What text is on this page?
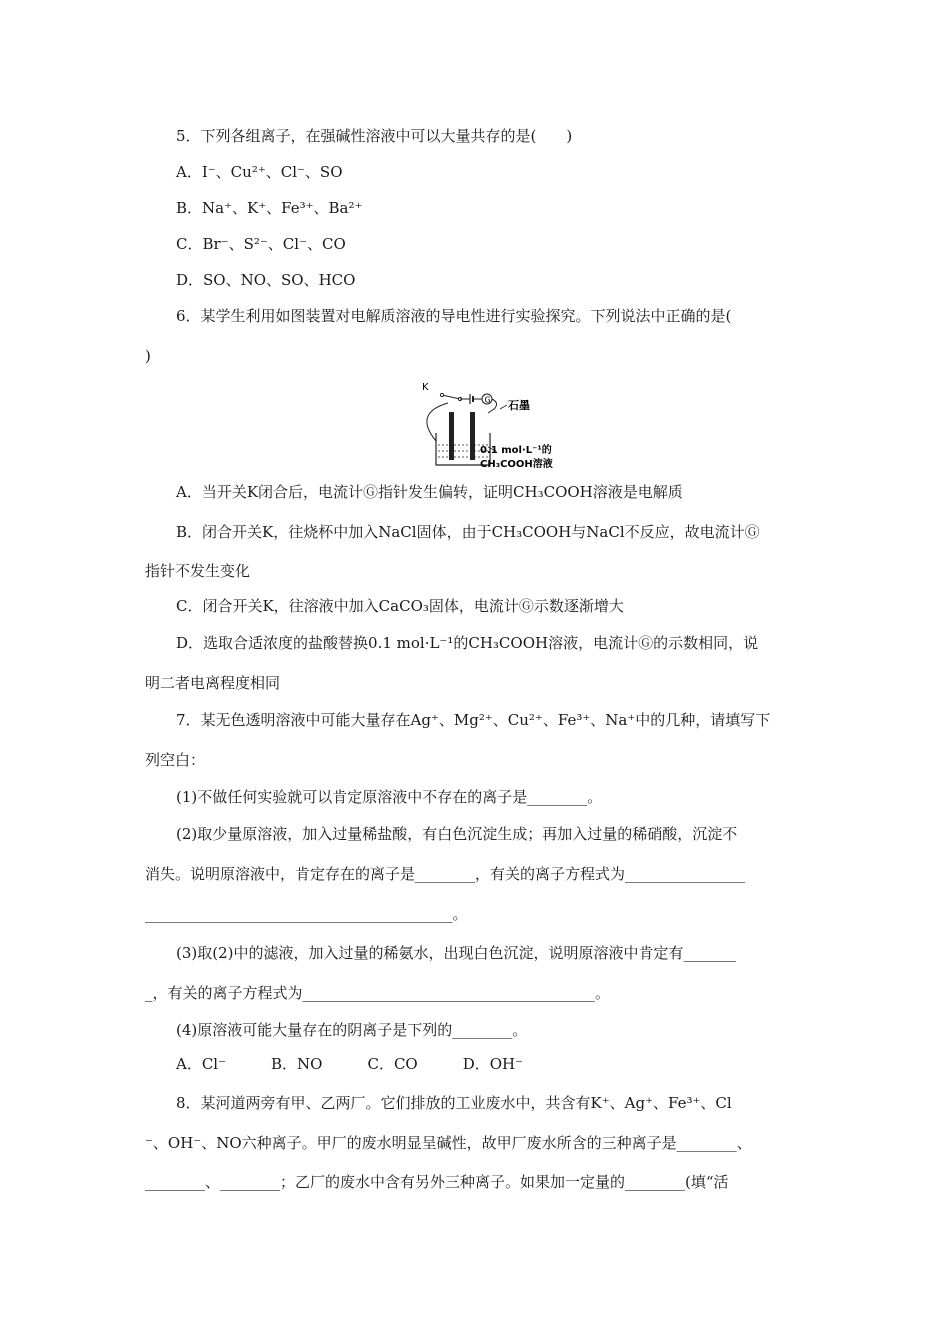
5．下列各组离子，在强碱性溶液中可以大量共存的是(　　)
A．I⁻、Cu²⁺、Cl⁻、SO
B．Na⁺、K⁺、Fe³⁺、Ba²⁺
C．Br⁻、S²⁻、Cl⁻、CO
D．SO、NO、SO、HCO
6．某学生利用如图装置对电解质溶液的导电性进行实验探究。下列说法中正确的是(
)
K
G 石墨
0.1 mol·L⁻¹的
CH₃COOH溶液
A．当开关K闭合后，电流计Ⓖ指针发生偏转，证明CH₃COOH溶液是电解质
B．闭合开关K，往烧杯中加入NaCl固体，由于CH₃COOH与NaCl不反应，故电流计Ⓖ
指针不发生变化
C．闭合开关K，往溶液中加入CaCO₃固体，电流计Ⓖ示数逐渐增大
D．选取合适浓度的盐酸替换0.1 mol·L⁻¹的CH₃COOH溶液，电流计Ⓖ的示数相同，说
明二者电离程度相同
7．某无色透明溶液中可能大量存在Ag⁺、Mg²⁺、Cu²⁺、Fe³⁺、Na⁺中的几种，请填写下
列空白：
(1)不做任何实验就可以肯定原溶液中不存在的离子是________。
(2)取少量原溶液，加入过量稀盐酸，有白色沉淀生成；再加入过量的稀硝酸，沉淀不
消失。说明原溶液中，肯定存在的离子是________，有关的离子方程式为________________
_________________________________________。
(3)取(2)中的滤液，加入过量的稀氨水，出现白色沉淀，说明原溶液中肯定有_______
_，有关的离子方程式为_______________________________________。
(4)原溶液可能大量存在的阴离子是下列的________。
A．Cl⁻　　　B．NO　　　C．CO　　　D．OH⁻
8．某河道两旁有甲、乙两厂。它们排放的工业废水中，共含有K⁺、Ag⁺、Fe³⁺、Cl
⁻、OH⁻、NO六种离子。甲厂的废水明显呈碱性，故甲厂废水所含的三种离子是________、
________、________；乙厂的废水中含有另外三种离子。如果加一定量的________(填“活
